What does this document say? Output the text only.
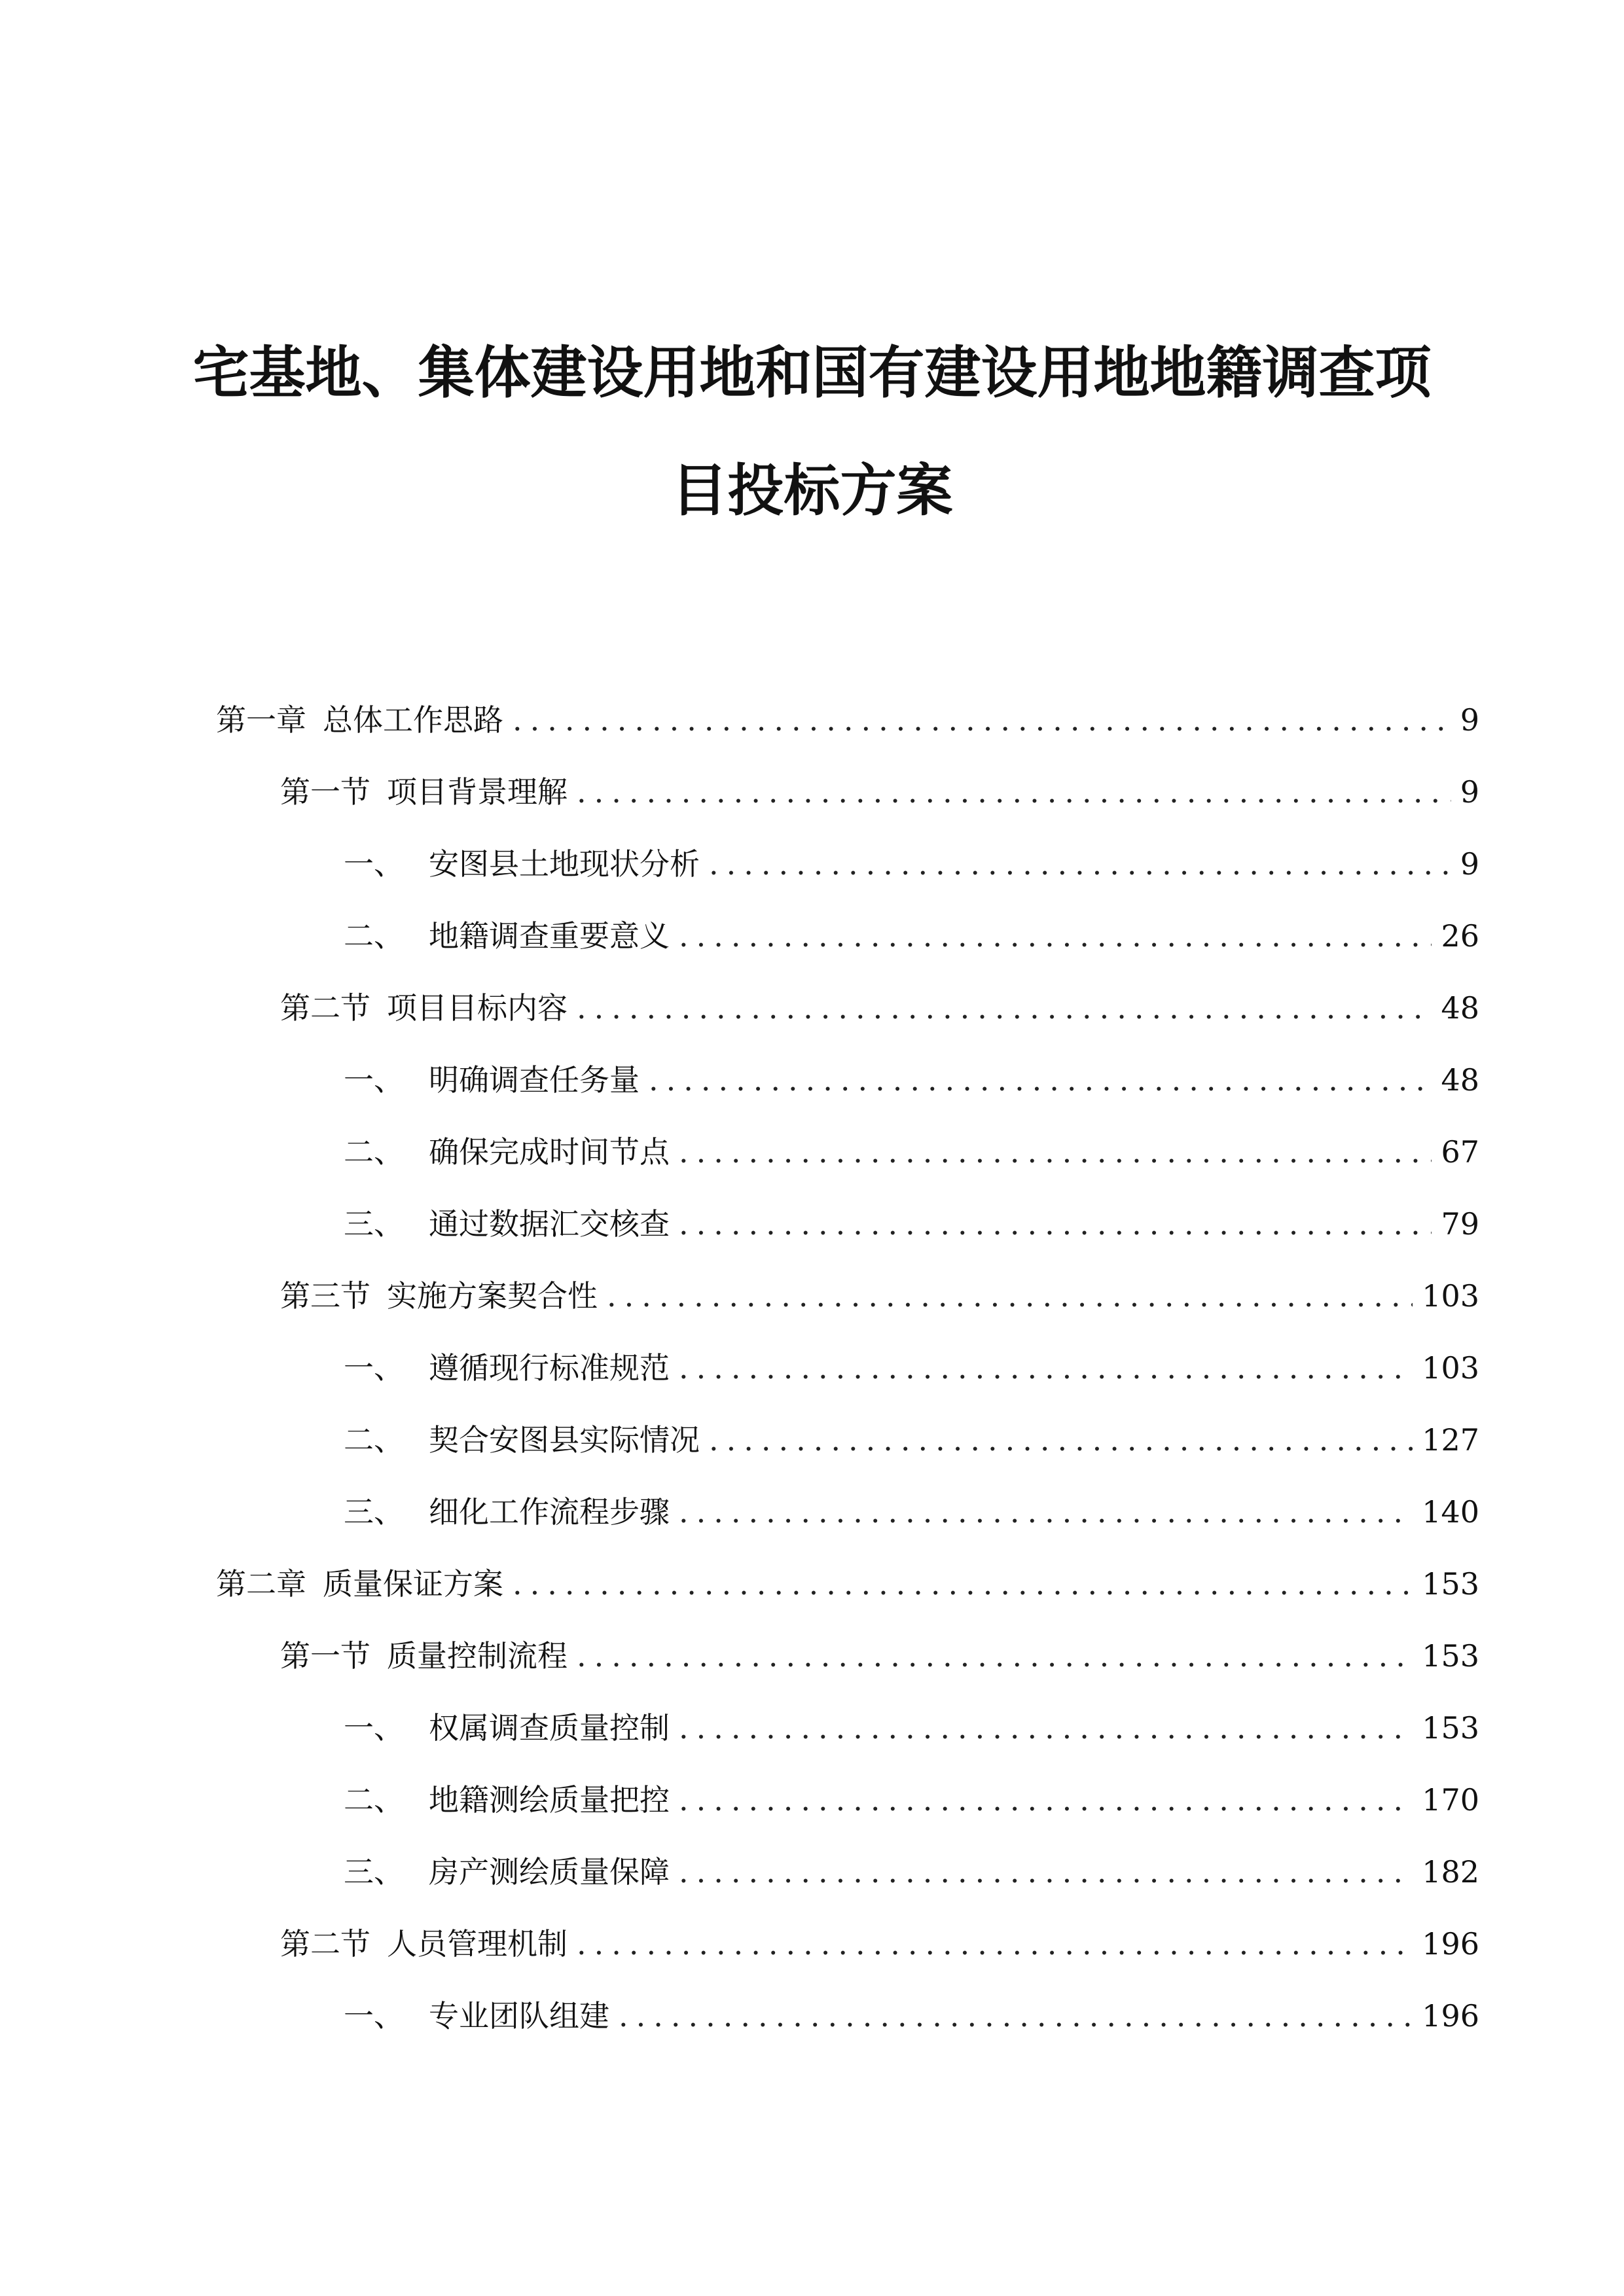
宅基地、集体建设用地和国有建设用地地籍调查项
目投标方案
第一章 总体工作思路 .....	9
第一节 项目背景理解 .....	9
一、 安图县土地现状分析 .....	9
二、 地籍调查重要意义 .....	26
第二节 项目目标内容 .....	48
一、 明确调查任务量 .....	48
二、 确保完成时间节点 .....	67
三、 通过数据汇交核查 .....	79
第三节 实施方案契合性 .....	103
一、 遵循现行标准规范 .....	103
二、 契合安图县实际情况 .....	127
三、 细化工作流程步骤 .....	140
第二章 质量保证方案 .....	153
第一节 质量控制流程 .....	153
一、 权属调查质量控制 .....	153
二、 地籍测绘质量把控 .....	170
三、 房产测绘质量保障 .....	182
第二节 人员管理机制 .....	196
一、 专业团队组建 .....	196
